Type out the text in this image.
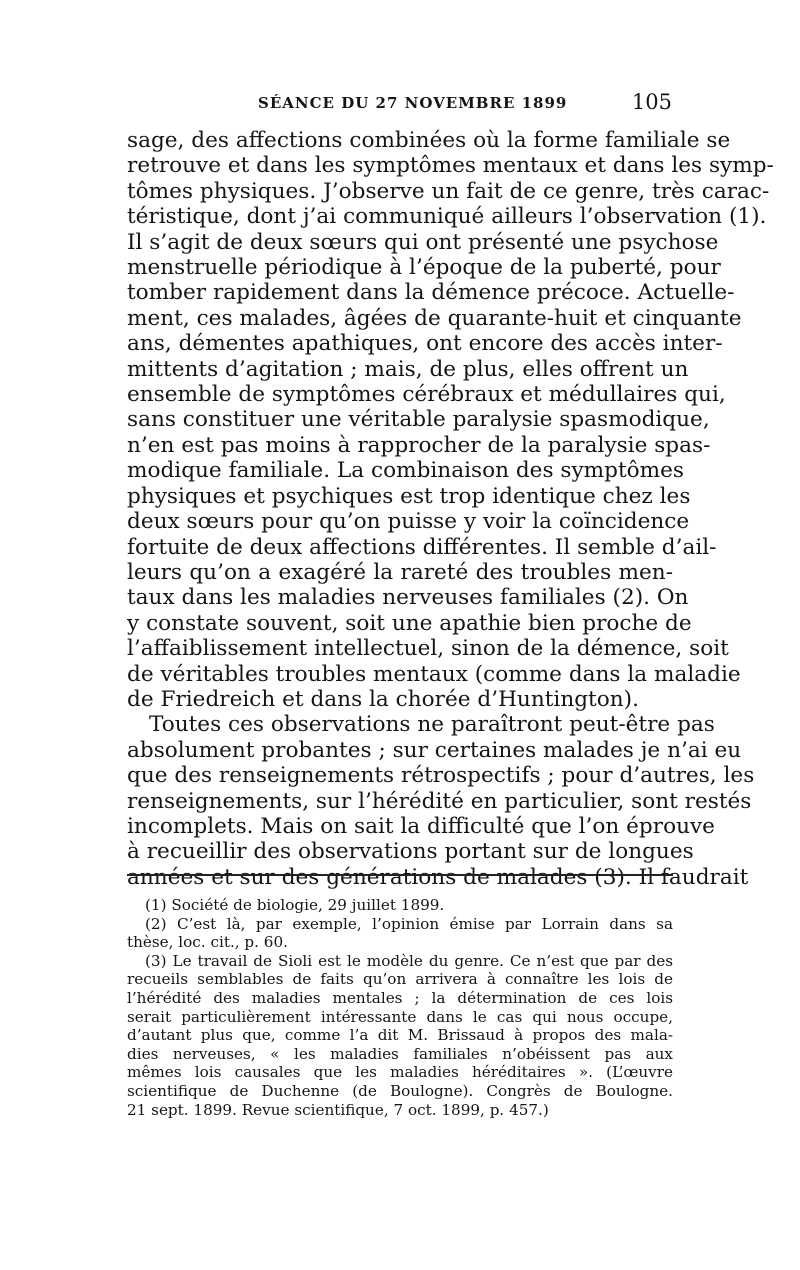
SÉANCE DU 27 NOVEMBRE 1899	105
sage, des affections combinées où la forme familiale se
retrouve et dans les symptômes mentaux et dans les symp-
tômes physiques. J’observe un fait de ce genre, très carac-
téristique, dont j’ai communiqué ailleurs l’observation (1).
Il s’agit de deux sœurs qui ont présenté une psychose
menstruelle périodique à l’époque de la puberté, pour
tomber rapidement dans la démence précoce. Actuelle-
ment, ces malades, âgées de quarante-huit et cinquante
ans, démentes apathiques, ont encore des accès inter-
mittents d’agitation ; mais, de plus, elles offrent un
ensemble de symptômes cérébraux et médullaires qui,
sans constituer une véritable paralysie spasmodique,
n’en est pas moins à rapprocher de la paralysie spas-
modique familiale. La combinaison des symptômes
physiques et psychiques est trop identique chez les
deux sœurs pour qu’on puisse y voir la coïncidence
fortuite de deux affections différentes. Il semble d’ail-
leurs qu’on a exagéré la rareté des troubles men-
taux dans les maladies nerveuses familiales (2). On
y constate souvent, soit une apathie bien proche de
l’affaiblissement intellectuel, sinon de la démence, soit
de véritables troubles mentaux (comme dans la maladie
de Friedreich et dans la chorée d’Huntington).
Toutes ces observations ne paraîtront peut-être pas
absolument probantes ; sur certaines malades je n’ai eu
que des renseignements rétrospectifs ; pour d’autres, les
renseignements, sur l’hérédité en particulier, sont restés
incomplets. Mais on sait la difficulté que l’on éprouve
à recueillir des observations portant sur de longues
années et sur des générations de malades (3). Il faudrait
(1) Société de biologie, 29 juillet 1899.
(2) C’est là, par exemple, l’opinion émise par Lorrain dans sa
thèse, loc. cit., p. 60.
(3) Le travail de Sioli est le modèle du genre. Ce n’est que par des
recueils semblables de faits qu’on arrivera à connaître les lois de
l’hérédité des maladies mentales ; la détermination de ces lois
serait particulièrement intéressante dans le cas qui nous occupe,
d’autant plus que, comme l’a dit M. Brissaud à propos des mala-
dies nerveuses, « les maladies familiales n’obéissent pas aux
mêmes lois causales que les maladies héréditaires ». (L’œuvre
scientifique de Duchenne (de Boulogne). Congrès de Boulogne.
21 sept. 1899. Revue scientifique, 7 oct. 1899, p. 457.)
